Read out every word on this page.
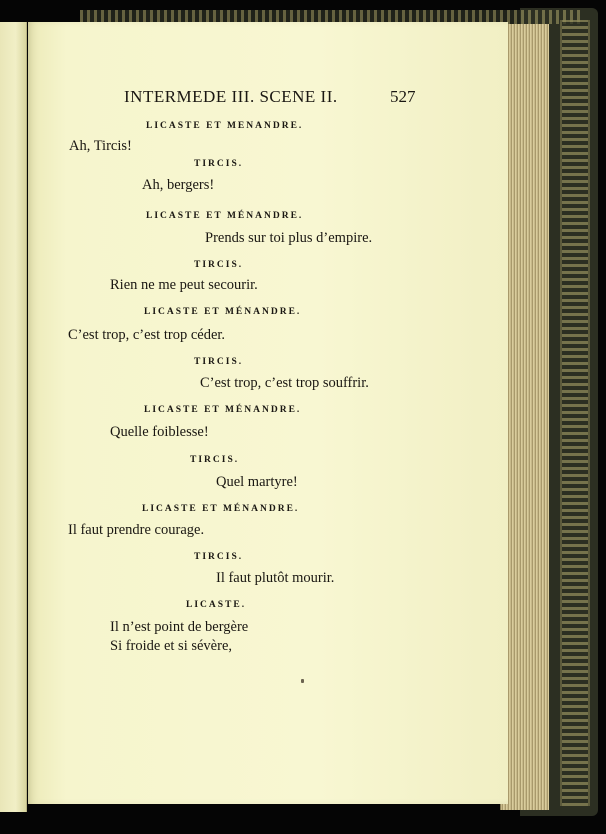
INTERMEDE III. SCENE II.	527
LICASTE ET MENANDRE.
Ah, Tircis!
TIRCIS.
Ah, bergers!
LICASTE ET MÉNANDRE.
Prends sur toi plus d’empire.
TIRCIS.
Rien ne me peut secourir.
LICASTE ET MÉNANDRE.
C’est trop, c’est trop céder.
TIRCIS.
C’est trop, c’est trop souffrir.
LICASTE ET MÉNANDRE.
Quelle foiblesse!
TIRCIS.
Quel martyre!
LICASTE ET MÉNANDRE.
Il faut prendre courage.
TIRCIS.
Il faut plutôt mourir.
LICASTE.
Il n’est point de bergère
Si froide et si sévère,
